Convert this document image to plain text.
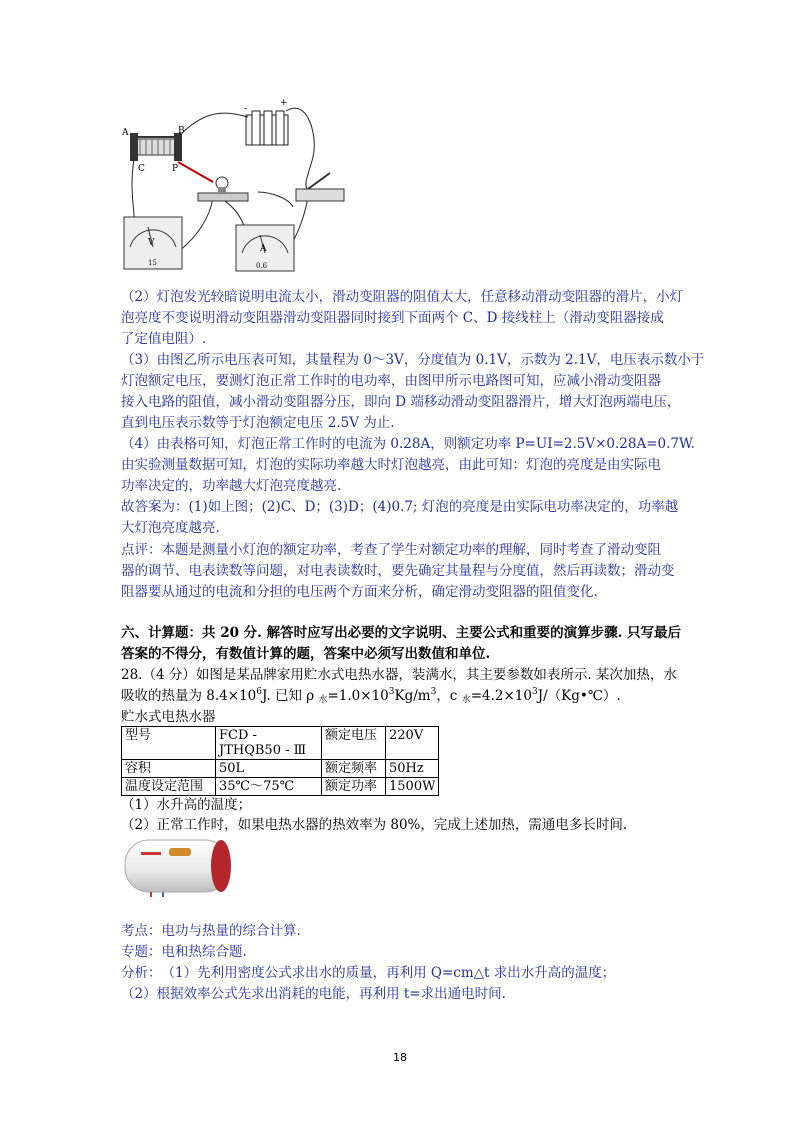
A	B
C	P
-
+
V
15
A
0.6
（2）灯泡发光较暗说明电流太小，滑动变阻器的阻值太大，任意移动滑动变阻器的滑片，小灯
泡亮度不变说明滑动变阻器滑动变阻器同时接到下面两个 C、D 接线柱上（滑动变阻器接成
了定值电阻）.
（3）由图乙所示电压表可知，其量程为 0～3V，分度值为 0.1V，示数为 2.1V，电压表示数小于
灯泡额定电压，要测灯泡正常工作时的电功率，由图甲所示电路图可知，应减小滑动变阻器
接入电路的阻值，减小滑动变阻器分压，即向 D 端移动滑动变阻器滑片，增大灯泡两端电压，
直到电压表示数等于灯泡额定电压 2.5V 为止.
（4）由表格可知，灯泡正常工作时的电流为 0.28A，则额定功率 P=UI=2.5V×0.28A=0.7W.
由实验测量数据可知，灯泡的实际功率越大时灯泡越亮，由此可知：灯泡的亮度是由实际电
功率决定的，功率越大灯泡亮度越亮.
故答案为：(1)如上图；(2)C、D；(3)D；(4)0.7; 灯泡的亮度是由实际电功率决定的，功率越
大灯泡亮度越亮.
点评：本题是测量小灯泡的额定功率，考查了学生对额定功率的理解，同时考查了滑动变阻
器的调节、电表读数等问题，对电表读数时，要先确定其量程与分度值，然后再读数；滑动变
阻器要从通过的电流和分担的电压两个方面来分析，确定滑动变阻器的阻值变化.
六、计算题：共 20 分. 解答时应写出必要的文字说明、主要公式和重要的演算步骤. 只写最后
答案的不得分，有数值计算的题，答案中必须写出数值和单位.
28.（4 分）如图是某品牌家用贮水式电热水器，装满水，其主要参数如表所示. 某次加热，水
吸收的热量为 $8.4\times 10^6J$. 已知 ρ $_水=1.0\times 10^3Kg/m^3$，c $_水=4.2\times 10^3J/(Kg•℃)$.
贮水式电热水器
型号	FCD - JTHQB50 - Ⅲ	额定电压	220V
容积	50L	额定频率	50Hz
温度设定范围	35℃～75℃	额定功率	1500W
（1）水升高的温度；
（2）正常工作时，如果电热水器的热效率为 80%，完成上述加热，需通电多长时间.
考点：电功与热量的综合计算.
专题：电和热综合题.
分析：　（1）先利用密度公式求出水的质量，再利用 Q=cm△t 求出水升高的温度；
（2）根据效率公式先求出消耗的电能，再利用 t=求出通电时间.
18
